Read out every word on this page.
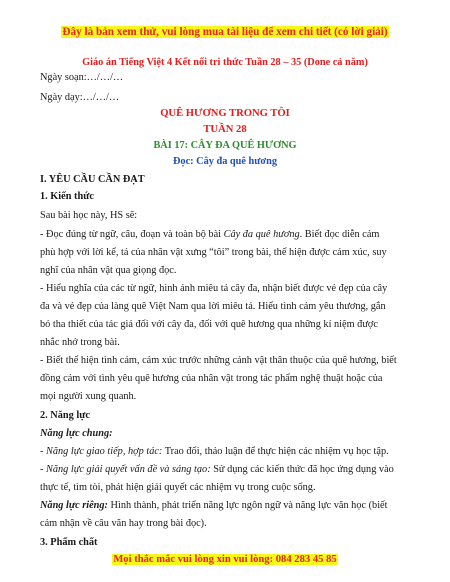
Đây là bản xem thử, vui lòng mua tài liệu để xem chi tiết (có lời giải)
Giáo án Tiếng Việt 4 Kết nối tri thức Tuần 28 – 35 (Done cả năm)
Ngày soạn:…/…/…
Ngày dạy:…/…/…
QUÊ HƯƠNG TRONG TÔI
TUẦN 28
BÀI 17: CÂY ĐA QUÊ HƯƠNG
Đọc: Cây đa quê hương
I. YÊU CẦU CẦN ĐẠT
1. Kiến thức
Sau bài học này, HS sẽ:
- Đọc đúng từ ngữ, câu, đoạn và toàn bộ bài Cây đa quê hương. Biết đọc diễn cảm
phù hợp với lời kể, tả của nhân vật xưng “tôi” trong bài, thể hiện được cảm xúc, suy
nghĩ của nhân vật qua giọng đọc.
- Hiểu nghĩa của các từ ngữ, hình ảnh miêu tả cây đa, nhận biết được vẻ đẹp của cây
đa và vẻ đẹp của làng quê Việt Nam qua lời miêu tả. Hiểu tình cảm yêu thương, gắn
bó tha thiết của tác giả đối với cây đa, đối với quê hương qua những kí niệm được
nhắc nhớ trong bài.
- Biết thể hiện tình cảm, cảm xúc trước những cảnh vật thân thuộc của quê hương, biết
đồng cảm với tình yêu quê hương của nhân vật trong tác phẩm nghệ thuật hoặc của
mọi người xung quanh.
2. Năng lực
Năng lực chung:
- Năng lực giao tiếp, hợp tác: Trao đổi, thảo luận để thực hiện các nhiệm vụ học tập.
- Năng lực giải quyết vấn đề và sáng tạo: Sử dụng các kiến thức đã học ứng dụng vào
thực tế, tìm tòi, phát hiện giải quyết các nhiệm vụ trong cuộc sống.
Năng lực riêng: Hình thành, phát triển năng lực ngôn ngữ và năng lực văn học (biết
cảm nhận về câu văn hay trong bài đọc).
3. Phẩm chất
Mọi thắc mắc vui lòng xin vui lòng: 084 283 45 85
